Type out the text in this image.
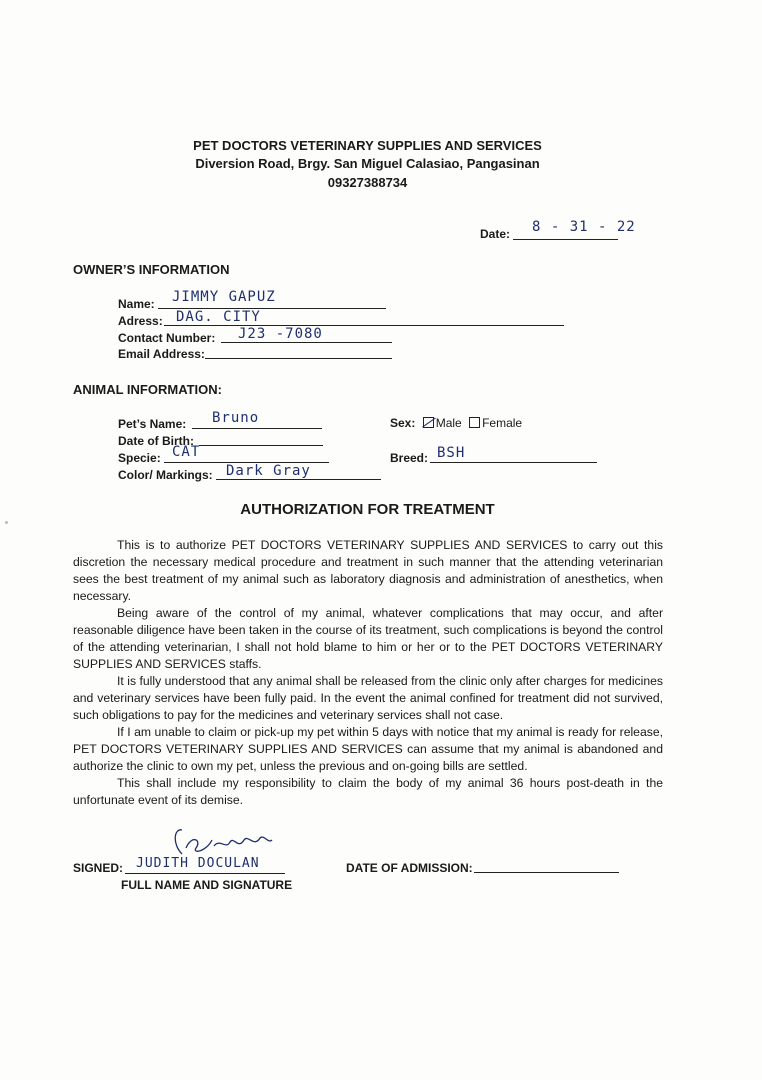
PET DOCTORS VETERINARY SUPPLIES AND SERVICES
Diversion Road, Brgy. San Miguel Calasiao, Pangasinan
09327388734
Date: 8 - 31 - 22
OWNER’S INFORMATION
Name: JIMMY GAPUZ
Adress: DAG. CITY
Contact Number: J23 -7080
Email Address:
ANIMAL INFORMATION:
Pet’s Name: Bruno
Date of Birth:
Specie: CAT
Color/ Markings: Dark Gray
Sex: Male Female
Breed: BSH
AUTHORIZATION FOR TREATMENT

This is to authorize PET DOCTORS VETERINARY SUPPLIES AND SERVICES to carry out this discretion the necessary medical procedure and treatment in such manner that the attending veterinarian sees the best treatment of my animal such as laboratory diagnosis and administration of anesthetics, when necessary.

Being aware of the control of my animal, whatever complications that may occur, and after reasonable diligence have been taken in the course of its treatment, such complications is beyond the control of the attending veterinarian, I shall not hold blame to him or her or to the PET DOCTORS VETERINARY SUPPLIES AND SERVICES staffs.

It is fully understood that any animal shall be released from the clinic only after charges for medicines and veterinary services have been fully paid. In the event the animal confined for treatment did not survived, such obligations to pay for the medicines and veterinary services shall not case.

If I am unable to claim or pick-up my pet within 5 days with notice that my animal is ready for release, PET DOCTORS VETERINARY SUPPLIES AND SERVICES can assume that my animal is abandoned and authorize the clinic to own my pet, unless the previous and on-going bills are settled.

This shall include my responsibility to claim the body of my animal 36 hours post-death in the unfortunate event of its demise.

SIGNED: JUDITH DOCULAN
FULL NAME AND SIGNATURE
DATE OF ADMISSION:
